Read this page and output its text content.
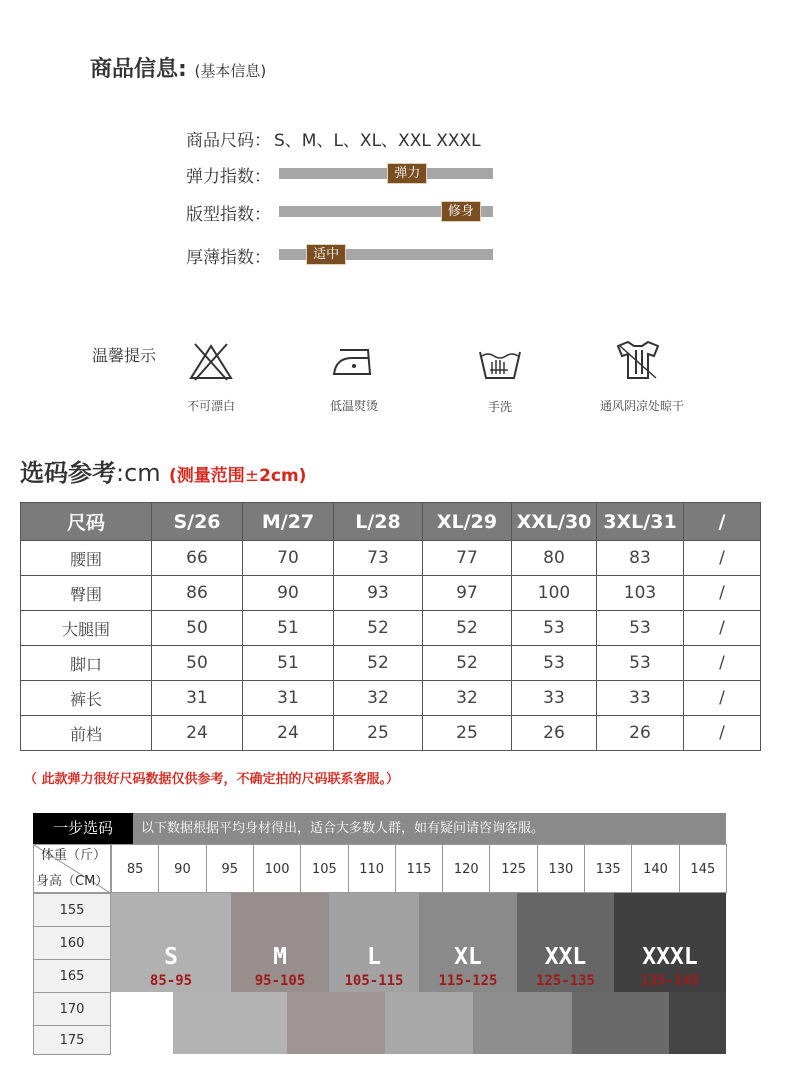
商品信息: (基本信息)
商品尺码： S、M、L、XL、XXL XXXL
弹力指数：	弹力
版型指数：	修身
厚薄指数：	适中
温馨提示
不可漂白	低温熨烫	手洗	通风阴凉处晾干
选码参考:cm (测量范围±2cm)
尺码	S/26	M/27	L/28	XL/29	XXL/30	3XL/31	/
腰围	66	70	73	77	80	83	/
臀围	86	90	93	97	100	103	/
大腿围	50	51	52	52	53	53	/
脚口	50	51	52	52	53	53	/
裤长	31	31	32	32	33	33	/
前档	24	24	25	25	26	26	/
（ 此款弹力很好尺码数据仅供参考，不确定拍的尺码联系客服。）
一步选码	以下数据根据平均身材得出，适合大多数人群，如有疑问请咨询客服。
体重（斤）
身高（CM）
85	90	95	100	105	110	115	120	125	130	135	140	145
155
160
165
170
175
S
85-95
M
95-105
L
105-115
XL
115-125
XXL
125-135
XXXL
135-145
